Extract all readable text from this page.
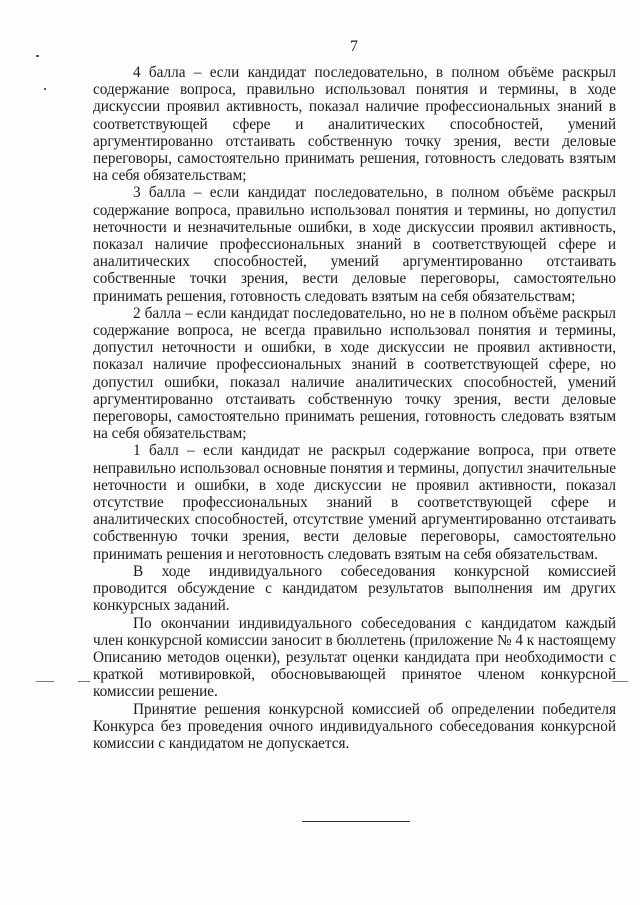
7

4 балла – если кандидат последовательно, в полном объёме раскрыл содержание вопроса, правильно использовал понятия и термины, в ходе дискуссии проявил активность, показал наличие профессиональных знаний в соответствующей сфере и аналитических способностей, умений аргументированно отстаивать собственную точку зрения, вести деловые переговоры, самостоятельно принимать решения, готовность следовать взятым на себя обязательствам;

3 балла – если кандидат последовательно, в полном объёме раскрыл содержание вопроса, правильно использовал понятия и термины, но допустил неточности и незначительные ошибки, в ходе дискуссии проявил активность, показал наличие профессиональных знаний в соответствующей сфере и аналитических способностей, умений аргументированно отстаивать собственные точки зрения, вести деловые переговоры, самостоятельно принимать решения, готовность следовать взятым на себя обязательствам;

2 балла – если кандидат последовательно, но не в полном объёме раскрыл содержание вопроса, не всегда правильно использовал понятия и термины, допустил неточности и ошибки, в ходе дискуссии не проявил активности, показал наличие профессиональных знаний в соответствующей сфере, но допустил ошибки, показал наличие аналитических способностей, умений аргументированно отстаивать собственную точку зрения, вести деловые переговоры, самостоятельно принимать решения, готовность следовать взятым на себя обязательствам;

1 балл – если кандидат не раскрыл содержание вопроса, при ответе неправильно использовал основные понятия и термины, допустил значительные неточности и ошибки, в ходе дискуссии не проявил активности, показал отсутствие профессиональных знаний в соответствующей сфере и аналитических способностей, отсутствие умений аргументированно отстаивать собственную точки зрения, вести деловые переговоры, самостоятельно принимать решения и неготовность следовать взятым на себя обязательствам.

В ходе индивидуального собеседования конкурсной комиссией проводится обсуждение с кандидатом результатов выполнения им других конкурсных заданий.

По окончании индивидуального собеседования с кандидатом каждый член конкурсной комиссии заносит в бюллетень (приложение № 4 к настоящему Описанию методов оценки), результат оценки кандидата при необходимости с краткой мотивировкой, обосновывающей принятое членом конкурсной комиссии решение.

Принятие решения конкурсной комиссией об определении победителя Конкурса без проведения очного индивидуального собеседования конкурсной комиссии с кандидатом не допускается.
